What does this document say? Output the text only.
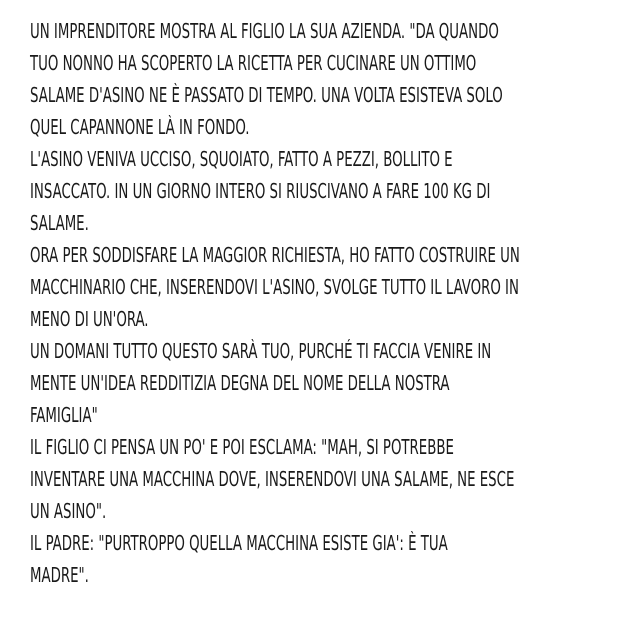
UN IMPRENDITORE MOSTRA AL FIGLIO LA SUA AZIENDA. "DA QUANDO
TUO NONNO HA SCOPERTO LA RICETTA PER CUCINARE UN OTTIMO
SALAME D'ASINO NE È PASSATO DI TEMPO. UNA VOLTA ESISTEVA SOLO
QUEL CAPANNONE LÀ IN FONDO.
L'ASINO VENIVA UCCISO, SQUOIATO, FATTO A PEZZI, BOLLITO E
INSACCATO. IN UN GIORNO INTERO SI RIUSCIVANO A FARE 100 KG DI
SALAME.
ORA PER SODDISFARE LA MAGGIOR RICHIESTA, HO FATTO COSTRUIRE UN
MACCHINARIO CHE, INSERENDOVI L'ASINO, SVOLGE TUTTO IL LAVORO IN
MENO DI UN'ORA.
UN DOMANI TUTTO QUESTO SARÀ TUO, PURCHÉ TI FACCIA VENIRE IN
MENTE UN'IDEA REDDITIZIA DEGNA DEL NOME DELLA NOSTRA
FAMIGLIA"
IL FIGLIO CI PENSA UN PO' E POI ESCLAMA: "MAH, SI POTREBBE
INVENTARE UNA MACCHINA DOVE, INSERENDOVI UNA SALAME, NE ESCE
UN ASINO".
IL PADRE: "PURTROPPO QUELLA MACCHINA ESISTE GIA': È TUA
MADRE".
